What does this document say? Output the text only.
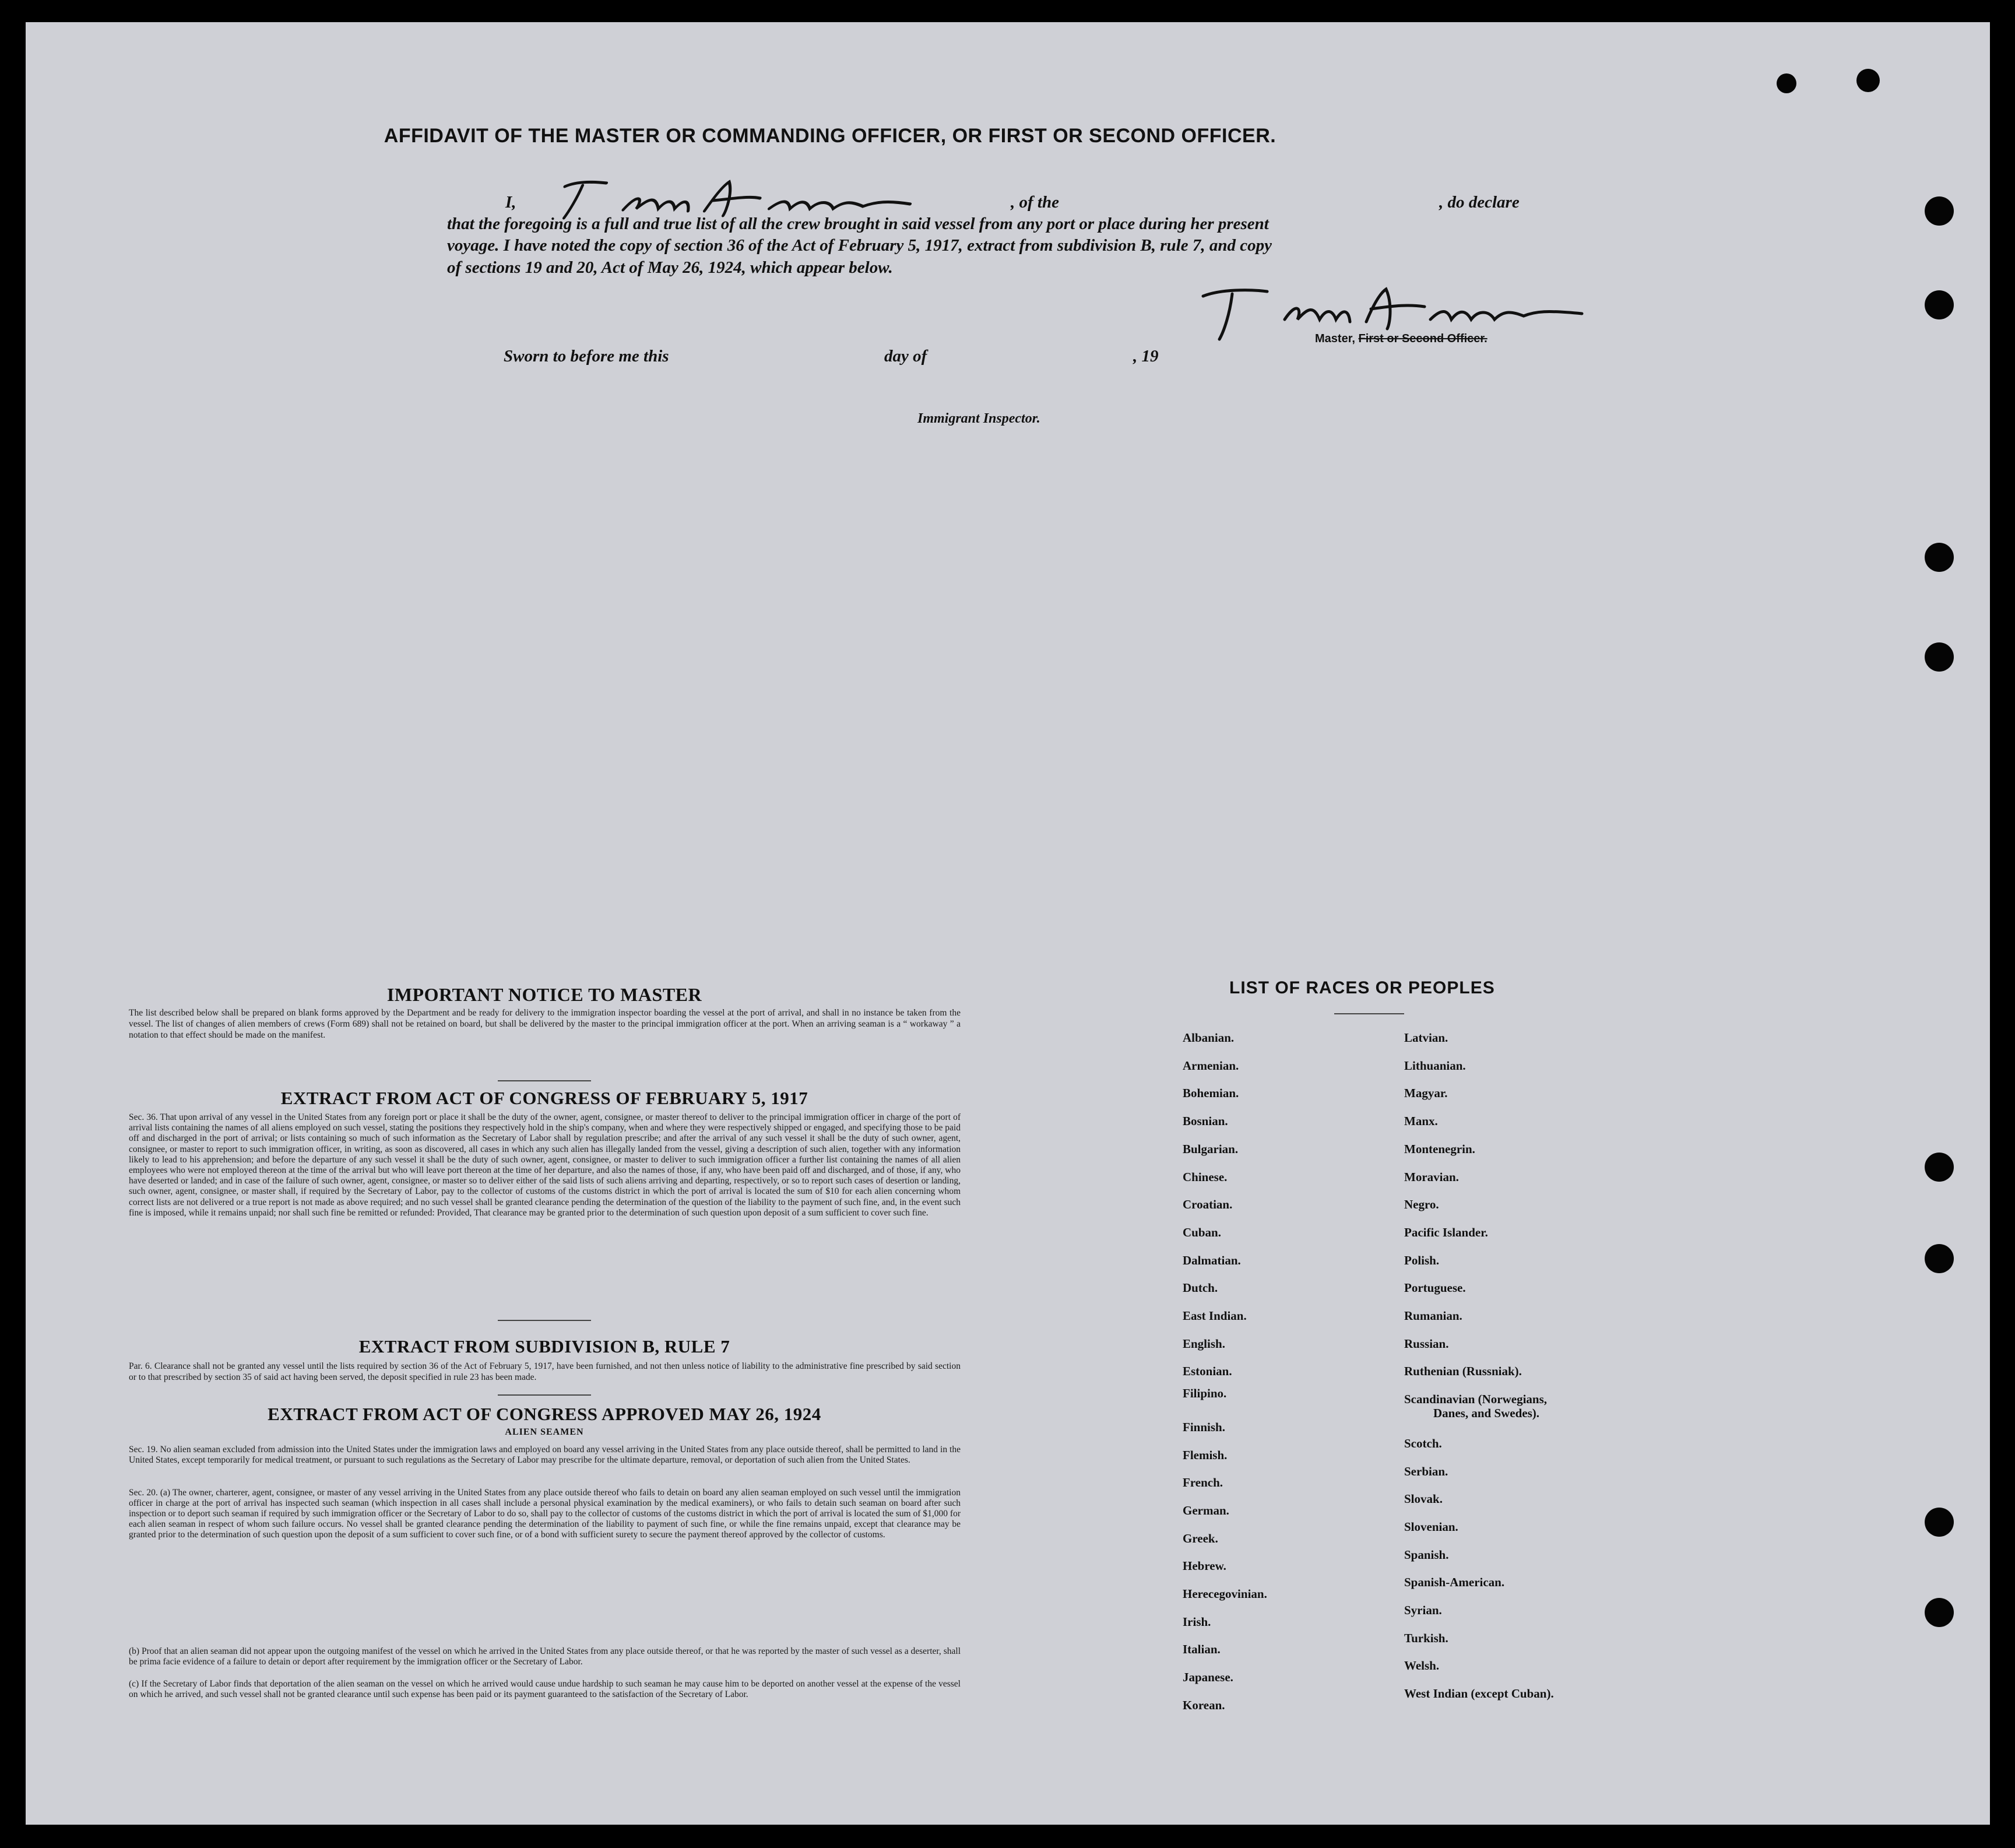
AFFIDAVIT OF THE MASTER OR COMMANDING OFFICER, OR FIRST OR SECOND OFFICER.
I,	, of the	, do declare
that the foregoing is a full and true list of all the crew brought in said vessel from any port or place during her present
voyage. I have noted the copy of section 36 of the Act of February 5, 1917, extract from subdivision B, rule 7, and copy
of sections 19 and 20, Act of May 26, 1924, which appear below.
Master, First or Second Officer.
Sworn to before me this	day of	, 19
Immigrant Inspector.
IMPORTANT NOTICE TO MASTER
The list described below shall be prepared on blank forms approved by the Department and be ready for delivery to the immigration inspector boarding the vessel at the port of arrival, and shall in no instance be taken from the vessel. The list of changes of alien members of crews (Form 689) shall not be retained on board, but shall be delivered by the master to the principal immigration officer at the port. When an arriving seaman is a “ workaway ” a notation to that effect should be made on the manifest.
EXTRACT FROM ACT OF CONGRESS OF FEBRUARY 5, 1917
Sec. 36. That upon arrival of any vessel in the United States from any foreign port or place it shall be the duty of the owner, agent, consignee, or master thereof to deliver to the principal immigration officer in charge of the port of arrival lists containing the names of all aliens employed on such vessel, stating the positions they respectively hold in the ship's company, when and where they were respectively shipped or engaged, and specifying those to be paid off and discharged in the port of arrival; or lists containing so much of such information as the Secretary of Labor shall by regulation prescribe; and after the arrival of any such vessel it shall be the duty of such owner, agent, consignee, or master to report to such immigration officer, in writing, as soon as discovered, all cases in which any such alien has illegally landed from the vessel, giving a description of such alien, together with any information likely to lead to his apprehension; and before the departure of any such vessel it shall be the duty of such owner, agent, consignee, or master to deliver to such immigration officer a further list containing the names of all alien employees who were not employed thereon at the time of the arrival but who will leave port thereon at the time of her departure, and also the names of those, if any, who have been paid off and discharged, and of those, if any, who have deserted or landed; and in case of the failure of such owner, agent, consignee, or master so to deliver either of the said lists of such aliens arriving and departing, respectively, or so to report such cases of desertion or landing, such owner, agent, consignee, or master shall, if required by the Secretary of Labor, pay to the collector of customs of the customs district in which the port of arrival is located the sum of $10 for each alien concerning whom correct lists are not delivered or a true report is not made as above required; and no such vessel shall be granted clearance pending the determination of the question of the liability to the payment of such fine, and, in the event such fine is imposed, while it remains unpaid; nor shall such fine be remitted or refunded: Provided, That clearance may be granted prior to the determination of such question upon deposit of a sum sufficient to cover such fine.
EXTRACT FROM SUBDIVISION B, RULE 7
Par. 6. Clearance shall not be granted any vessel until the lists required by section 36 of the Act of February 5, 1917, have been furnished, and not then unless notice of liability to the administrative fine prescribed by said section or to that prescribed by section 35 of said act having been served, the deposit specified in rule 23 has been made.
EXTRACT FROM ACT OF CONGRESS APPROVED MAY 26, 1924
ALIEN SEAMEN
Sec. 19. No alien seaman excluded from admission into the United States under the immigration laws and employed on board any vessel arriving in the United States from any place outside thereof, shall be permitted to land in the United States, except temporarily for medical treatment, or pursuant to such regulations as the Secretary of Labor may prescribe for the ultimate departure, removal, or deportation of such alien from the United States.
Sec. 20. (a) The owner, charterer, agent, consignee, or master of any vessel arriving in the United States from any place outside thereof who fails to detain on board any alien seaman employed on such vessel until the immigration officer in charge at the port of arrival has inspected such seaman (which inspection in all cases shall include a personal physical examination by the medical examiners), or who fails to detain such seaman on board after such inspection or to deport such seaman if required by such immigration officer or the Secretary of Labor to do so, shall pay to the collector of customs of the customs district in which the port of arrival is located the sum of $1,000 for each alien seaman in respect of whom such failure occurs. No vessel shall be granted clearance pending the determination of the liability to payment of such fine, or while the fine remains unpaid, except that clearance may be granted prior to the determination of such question upon the deposit of a sum sufficient to cover such fine, or of a bond with sufficient surety to secure the payment thereof approved by the collector of customs.
(b) Proof that an alien seaman did not appear upon the outgoing manifest of the vessel on which he arrived in the United States from any place outside thereof, or that he was reported by the master of such vessel as a deserter, shall be prima facie evidence of a failure to detain or deport after requirement by the immigration officer or the Secretary of Labor.
(c) If the Secretary of Labor finds that deportation of the alien seaman on the vessel on which he arrived would cause undue hardship to such seaman he may cause him to be deported on another vessel at the expense of the vessel on which he arrived, and such vessel shall not be granted clearance until such expense has been paid or its payment guaranteed to the satisfaction of the Secretary of Labor.
LIST OF RACES OR PEOPLES
Albanian.
Armenian.
Bohemian.
Bosnian.
Bulgarian.
Chinese.
Croatian.
Cuban.
Dalmatian.
Dutch.
East Indian.
English.
Estonian.
Filipino.
Finnish.
Flemish.
French.
German.
Greek.
Hebrew.
Herecegovinian.
Irish.
Italian.
Japanese.
Korean.
Latvian.
Lithuanian.
Magyar.
Manx.
Montenegrin.
Moravian.
Negro.
Pacific Islander.
Polish.
Portuguese.
Rumanian.
Russian.
Ruthenian (Russniak).
Scandinavian (Norwegians,
Danes, and Swedes).
Scotch.
Serbian.
Slovak.
Slovenian.
Spanish.
Spanish-American.
Syrian.
Turkish.
Welsh.
West Indian (except Cuban).
